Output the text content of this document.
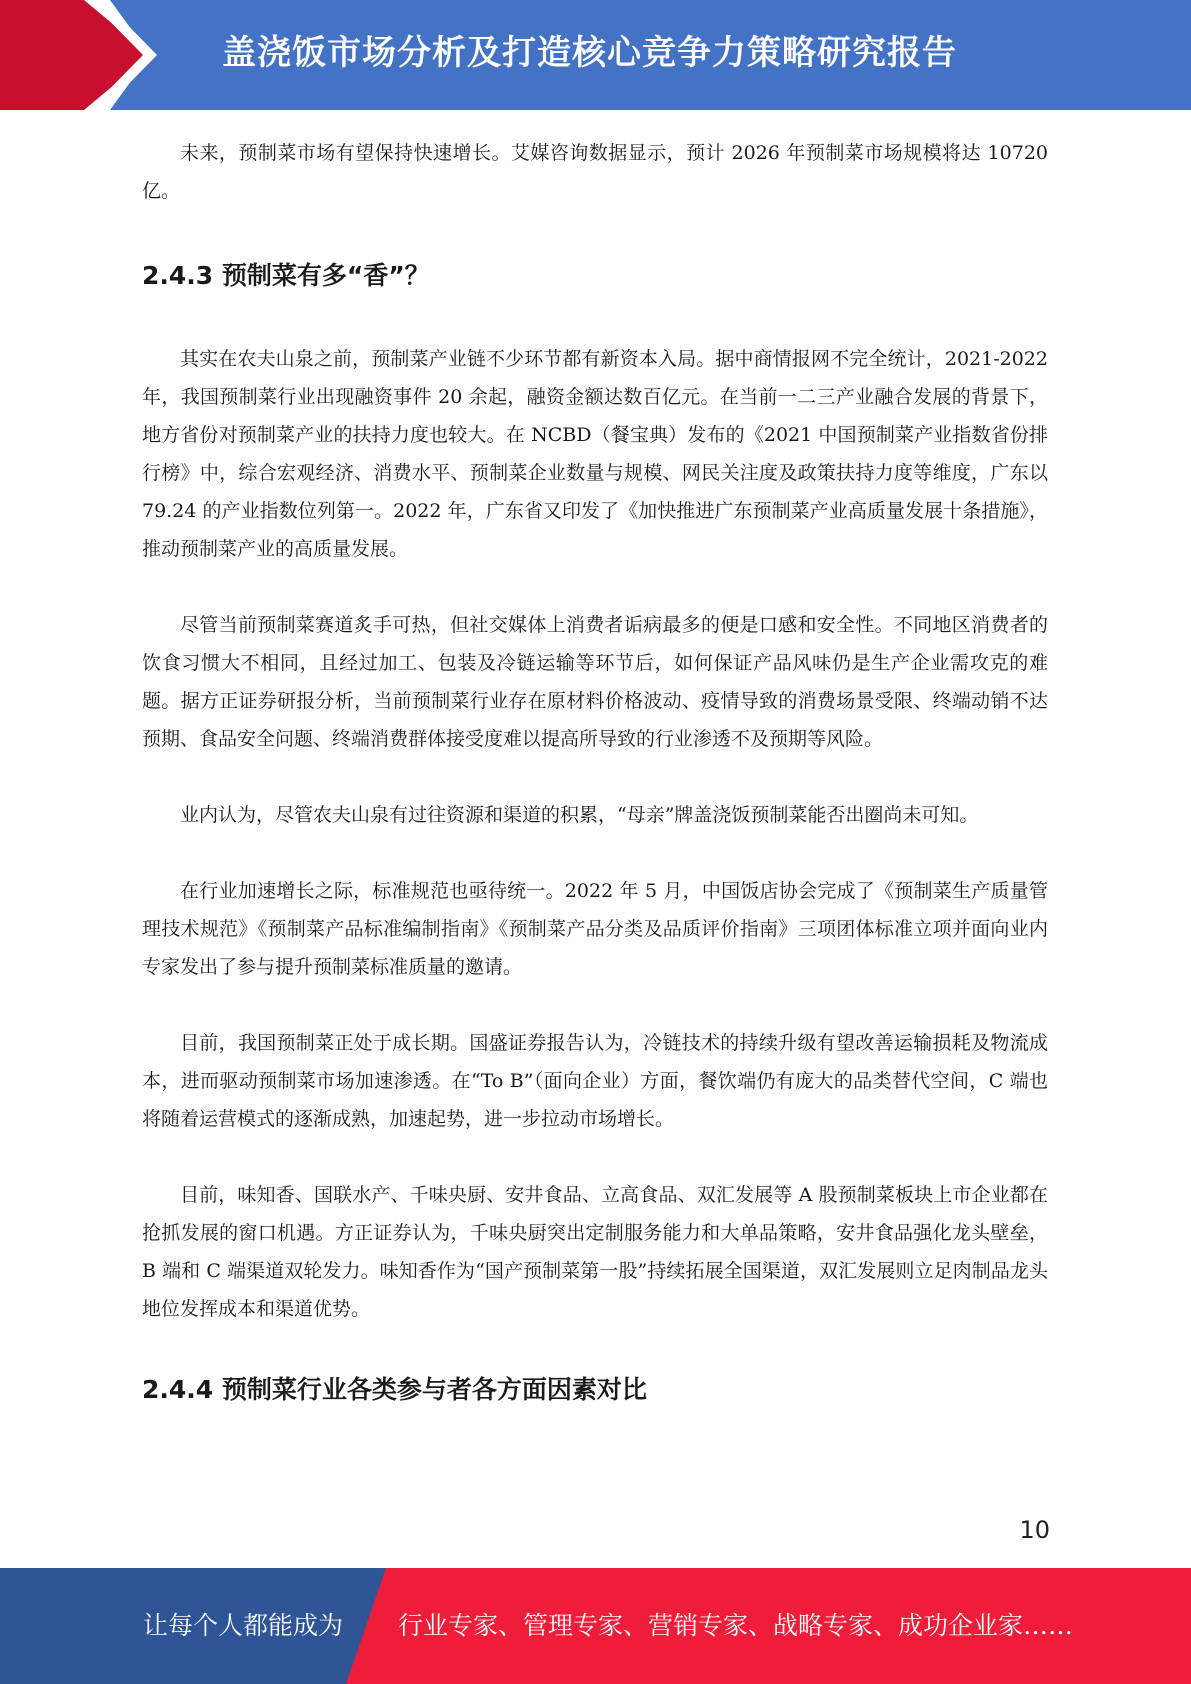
盖浇饭市场分析及打造核心竞争力策略研究报告

未来，预制菜市场有望保持快速增长。艾媒咨询数据显示，预计 2026 年预制菜市场规模将达 10720 亿。

2.4.3 预制菜有多“香”？

其实在农夫山泉之前，预制菜产业链不少环节都有新资本入局。据中商情报网不完全统计，2021-2022 年，我国预制菜行业出现融资事件 20 余起，融资金额达数百亿元。在当前一二三产业融合发展的背景下，地方省份对预制菜产业的扶持力度也较大。在 NCBD（餐宝典）发布的《2021 中国预制菜产业指数省份排行榜》中，综合宏观经济、消费水平、预制菜企业数量与规模、网民关注度及政策扶持力度等维度，广东以 79.24 的产业指数位列第一。2022 年，广东省又印发了《加快推进广东预制菜产业高质量发展十条措施》，推动预制菜产业的高质量发展。

尽管当前预制菜赛道炙手可热，但社交媒体上消费者诟病最多的便是口感和安全性。不同地区消费者的饮食习惯大不相同，且经过加工、包装及冷链运输等环节后，如何保证产品风味仍是生产企业需攻克的难题。据方正证券研报分析，当前预制菜行业存在原材料价格波动、疫情导致的消费场景受限、终端动销不达预期、食品安全问题、终端消费群体接受度难以提高所导致的行业渗透不及预期等风险。

业内认为，尽管农夫山泉有过往资源和渠道的积累，“母亲”牌盖浇饭预制菜能否出圈尚未可知。

在行业加速增长之际，标准规范也亟待统一。2022 年 5 月，中国饭店协会完成了《预制菜生产质量管理技术规范》《预制菜产品标准编制指南》《预制菜产品分类及品质评价指南》三项团体标准立项并面向业内专家发出了参与提升预制菜标准质量的邀请。

目前，我国预制菜正处于成长期。国盛证券报告认为，冷链技术的持续升级有望改善运输损耗及物流成本，进而驱动预制菜市场加速渗透。在“To B”（面向企业）方面，餐饮端仍有庞大的品类替代空间，C 端也将随着运营模式的逐渐成熟，加速起势，进一步拉动市场增长。

目前，味知香、国联水产、千味央厨、安井食品、立高食品、双汇发展等 A 股预制菜板块上市企业都在抢抓发展的窗口机遇。方正证券认为，千味央厨突出定制服务能力和大单品策略，安井食品强化龙头壁垒，B 端和 C 端渠道双轮发力。味知香作为“国产预制菜第一股”持续拓展全国渠道，双汇发展则立足肉制品龙头地位发挥成本和渠道优势。

2.4.4 预制菜行业各类参与者各方面因素对比
10
让每个人都能成为 行业专家、管理专家、营销专家、战略专家、成功企业家……
